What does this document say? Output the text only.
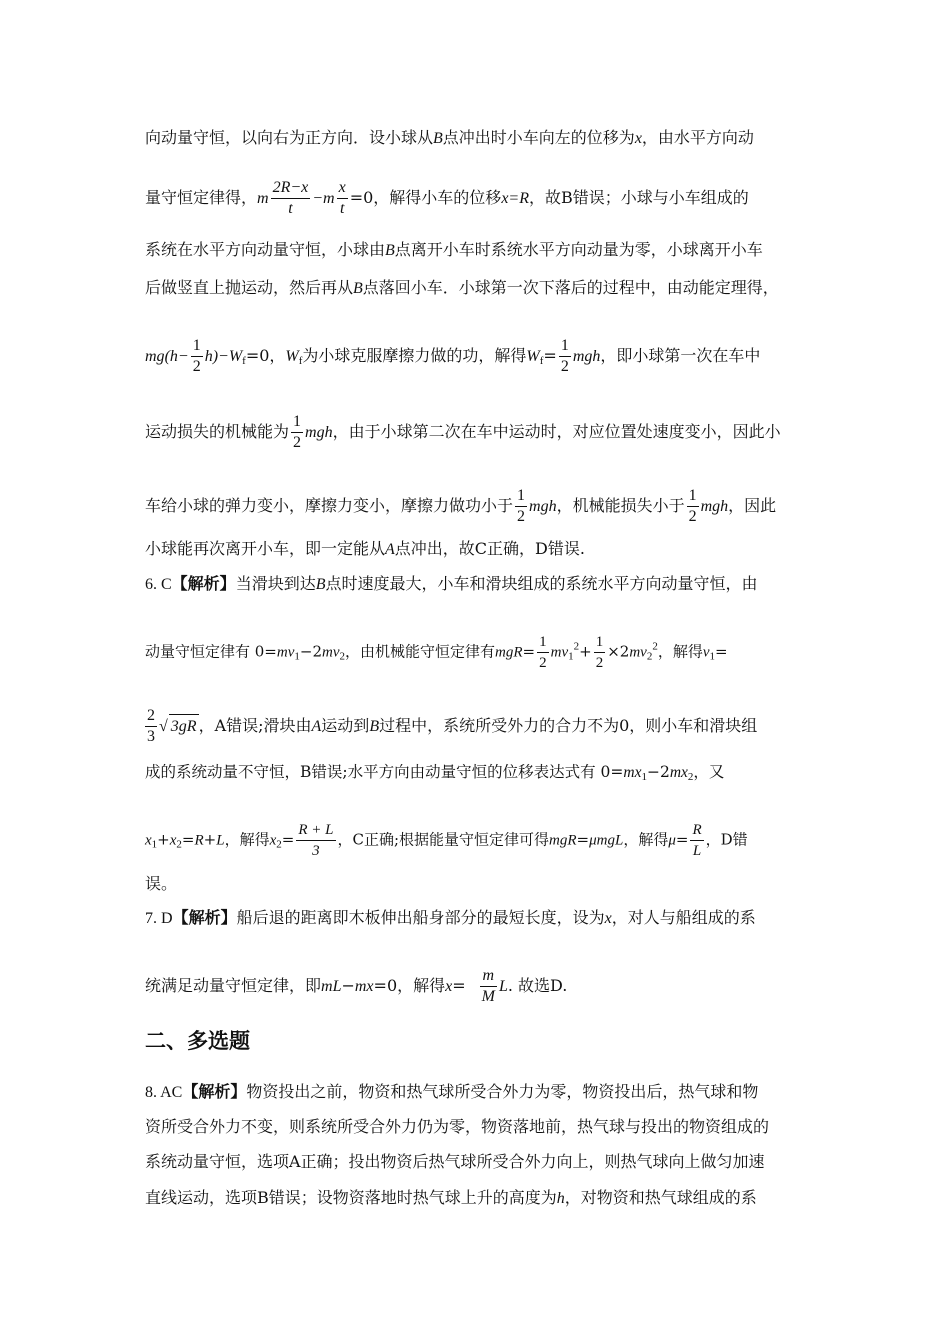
向动量守恒，以向右为正方向．设小球从B点冲出时小车向左的位移为x，由水平方向动
量守恒定律得，m $\frac{2R-x}{t} -m \frac{x}{t} =0$，解得小车的位移x=R，故B错误；小球与小车组成的
系统在水平方向动量守恒，小球由B点离开小车时系统水平方向动量为零，小球离开小车
后做竖直上抛运动，然后再从B点落回小车．小球第一次下落后的过程中，由动能定理得，
$mg(h- \frac{1}{2} h)-W_f=0$，$W_f$为小球克服摩擦力做的功，解得$W_f= \frac{1}{2}$ mgh，即小球第一次在车中
运动损失的机械能为 $\frac{1}{2}$ mgh，由于小球第二次在车中运动时，对应位置处速度变小，因此小
车给小球的弹力变小，摩擦力变小，摩擦力做功小于 $\frac{1}{2}$ mgh，机械能损失小于 $\frac{1}{2}$ mgh，因此
小球能再次离开小车，即一定能从A点冲出，故C正确，D错误.
6. C【解析】当滑块到达B点时速度最大，小车和滑块组成的系统水平方向动量守恒，由
动量守恒定律有 $0=mv_1-2mv_2$，由机械能守恒定律有$mgR= \frac{1}{2} mv_1^2+ \frac{1}{2} \times 2mv_2^2$，解得$v_1=$
$\frac{2}{3}$ √ 3gR ，A错误;滑块由A运动到B过程中，系统所受外力的合力不为0，则小车和滑块组
成的系统动量不守恒，B错误;水平方向由动量守恒的位移表达式有 $0=mx_1-2mx_2$，又
$x_1+x_2=R+L$，解得$x_2= \frac{R + L}{3}$ ，C正确;根据能量守恒定律可得mgR=μmgL，解得$\mu= \frac{R}{L}$ ，D错
误。
7. D【解析】船后退的距离即木板伸出船身部分的最短长度，设为x，对人与船组成的系
统满足动量守恒定律，即mL−mx=0，解得$x= \frac{m}{M} L$. 故选D.
二、多选题
8. AC【解析】物资投出之前，物资和热气球所受合外力为零，物资投出后，热气球和物
资所受合外力不变，则系统所受合外力仍为零，物资落地前，热气球与投出的物资组成的
系统动量守恒，选项A正确；投出物资后热气球所受合外力向上，则热气球向上做匀加速
直线运动，选项B错误；设物资落地时热气球上升的高度为h，对物资和热气球组成的系
